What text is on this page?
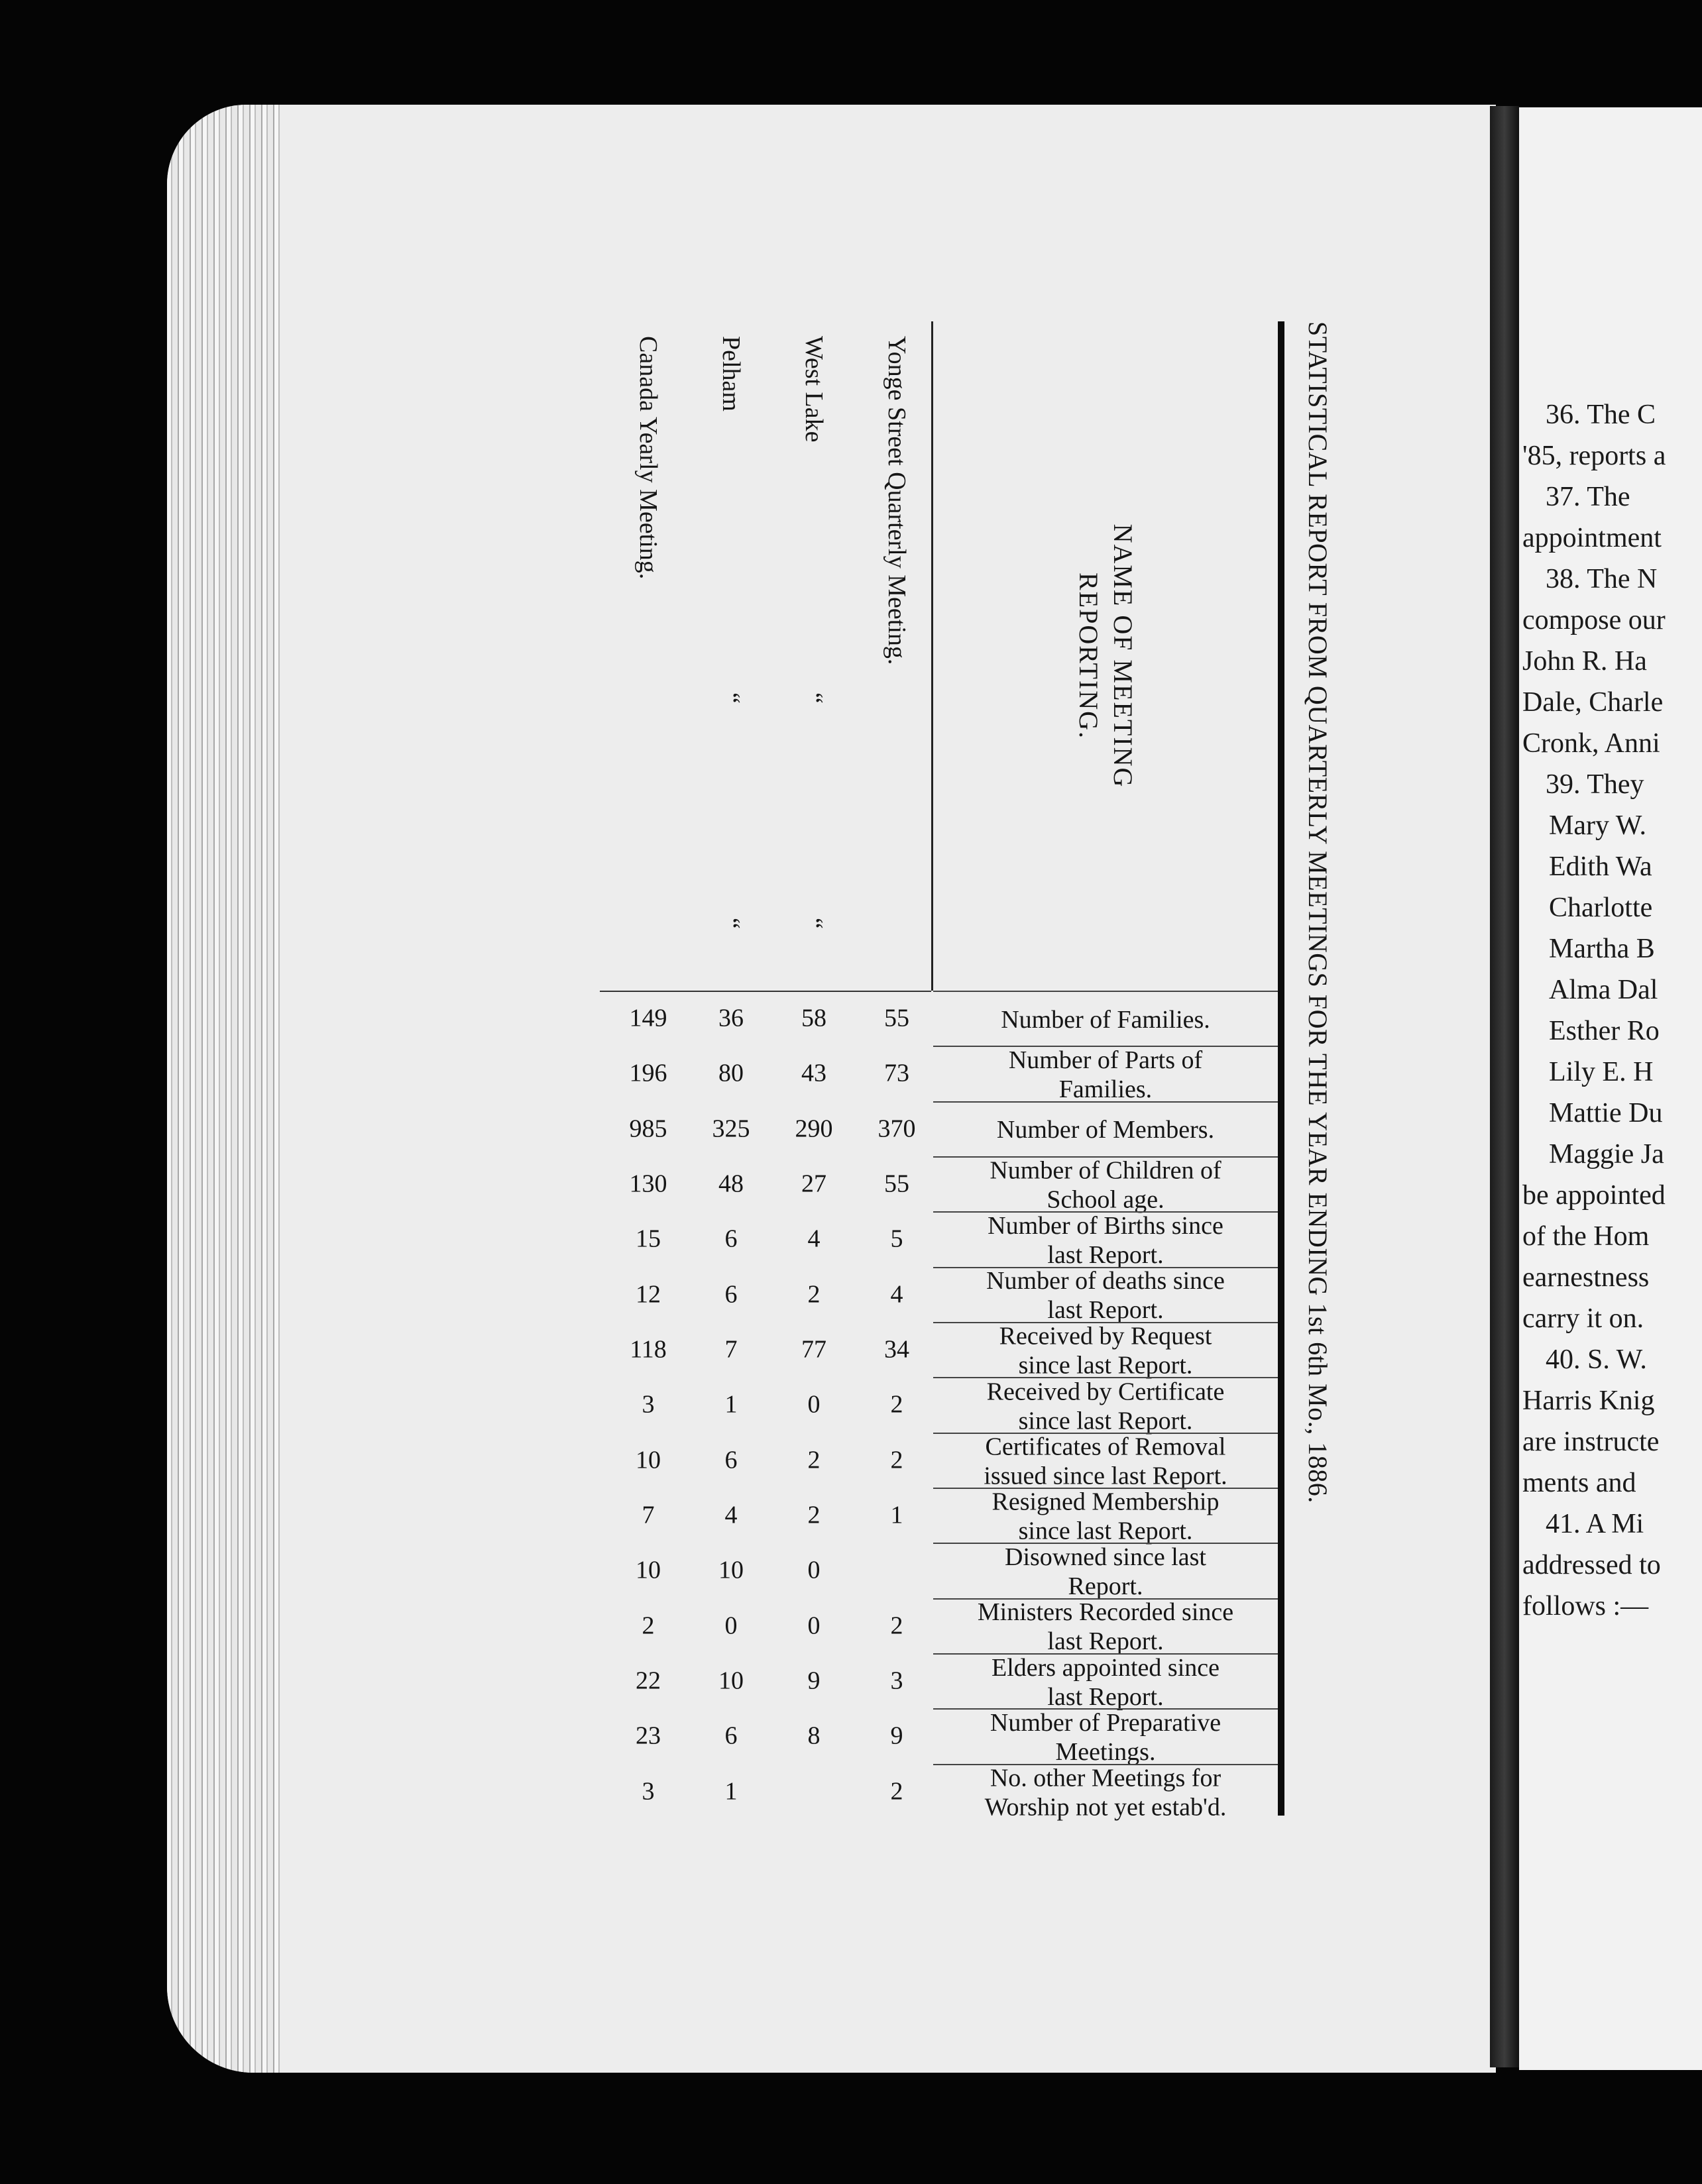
36. The C
'85, reports a
37. The
appointment
38. The N
compose our
John R. Ha
Dale, Charle
Cronk, Anni
39. They
Mary W.
Edith Wa
Charlotte
Martha B
Alma Dal
Esther Ro
Lily E. H
Mattie Du
Maggie Ja
be appointed
of the Hom
earnestness
carry it on.
40. S. W.
Harris Knig
are instructe
ments and
41. A Mi
addressed to
follows :—
STATISTICAL REPORT FROM QUARTERLY MEETINGS FOR THE YEAR ENDING 1st 6th Mo., 1886.
NAME OF MEETING
REPORTING.
Yonge Street Quarterly Meeting.
West Lake
“
“
Pelham
“
“
Canada Yearly Meeting.
Number of Families.
Number of Parts of
Families.
Number of Members.
Number of Children of
School age.
Number of Births since
last Report.
Number of deaths since
last Report.
Received by Request
since last Report.
Received by Certificate
since last Report.
Certificates of Removal
issued since last Report.
Resigned Membership
since last Report.
Disowned since last
Report.
Ministers Recorded since
last Report.
Elders appointed since
last Report.
Number of Preparative
Meetings.
No. other Meetings for
Worship not yet estab'd.
55
73
370
55
5
4
34
2
2
1
2
3
9
2
58
43
290
27
4
2
77
0
2
2
0
0
9
8
36
80
325
48
6
6
7
1
6
4
10
0
10
6
1
149
196
985
130
15
12
118
3
10
7
10
2
22
23
3
